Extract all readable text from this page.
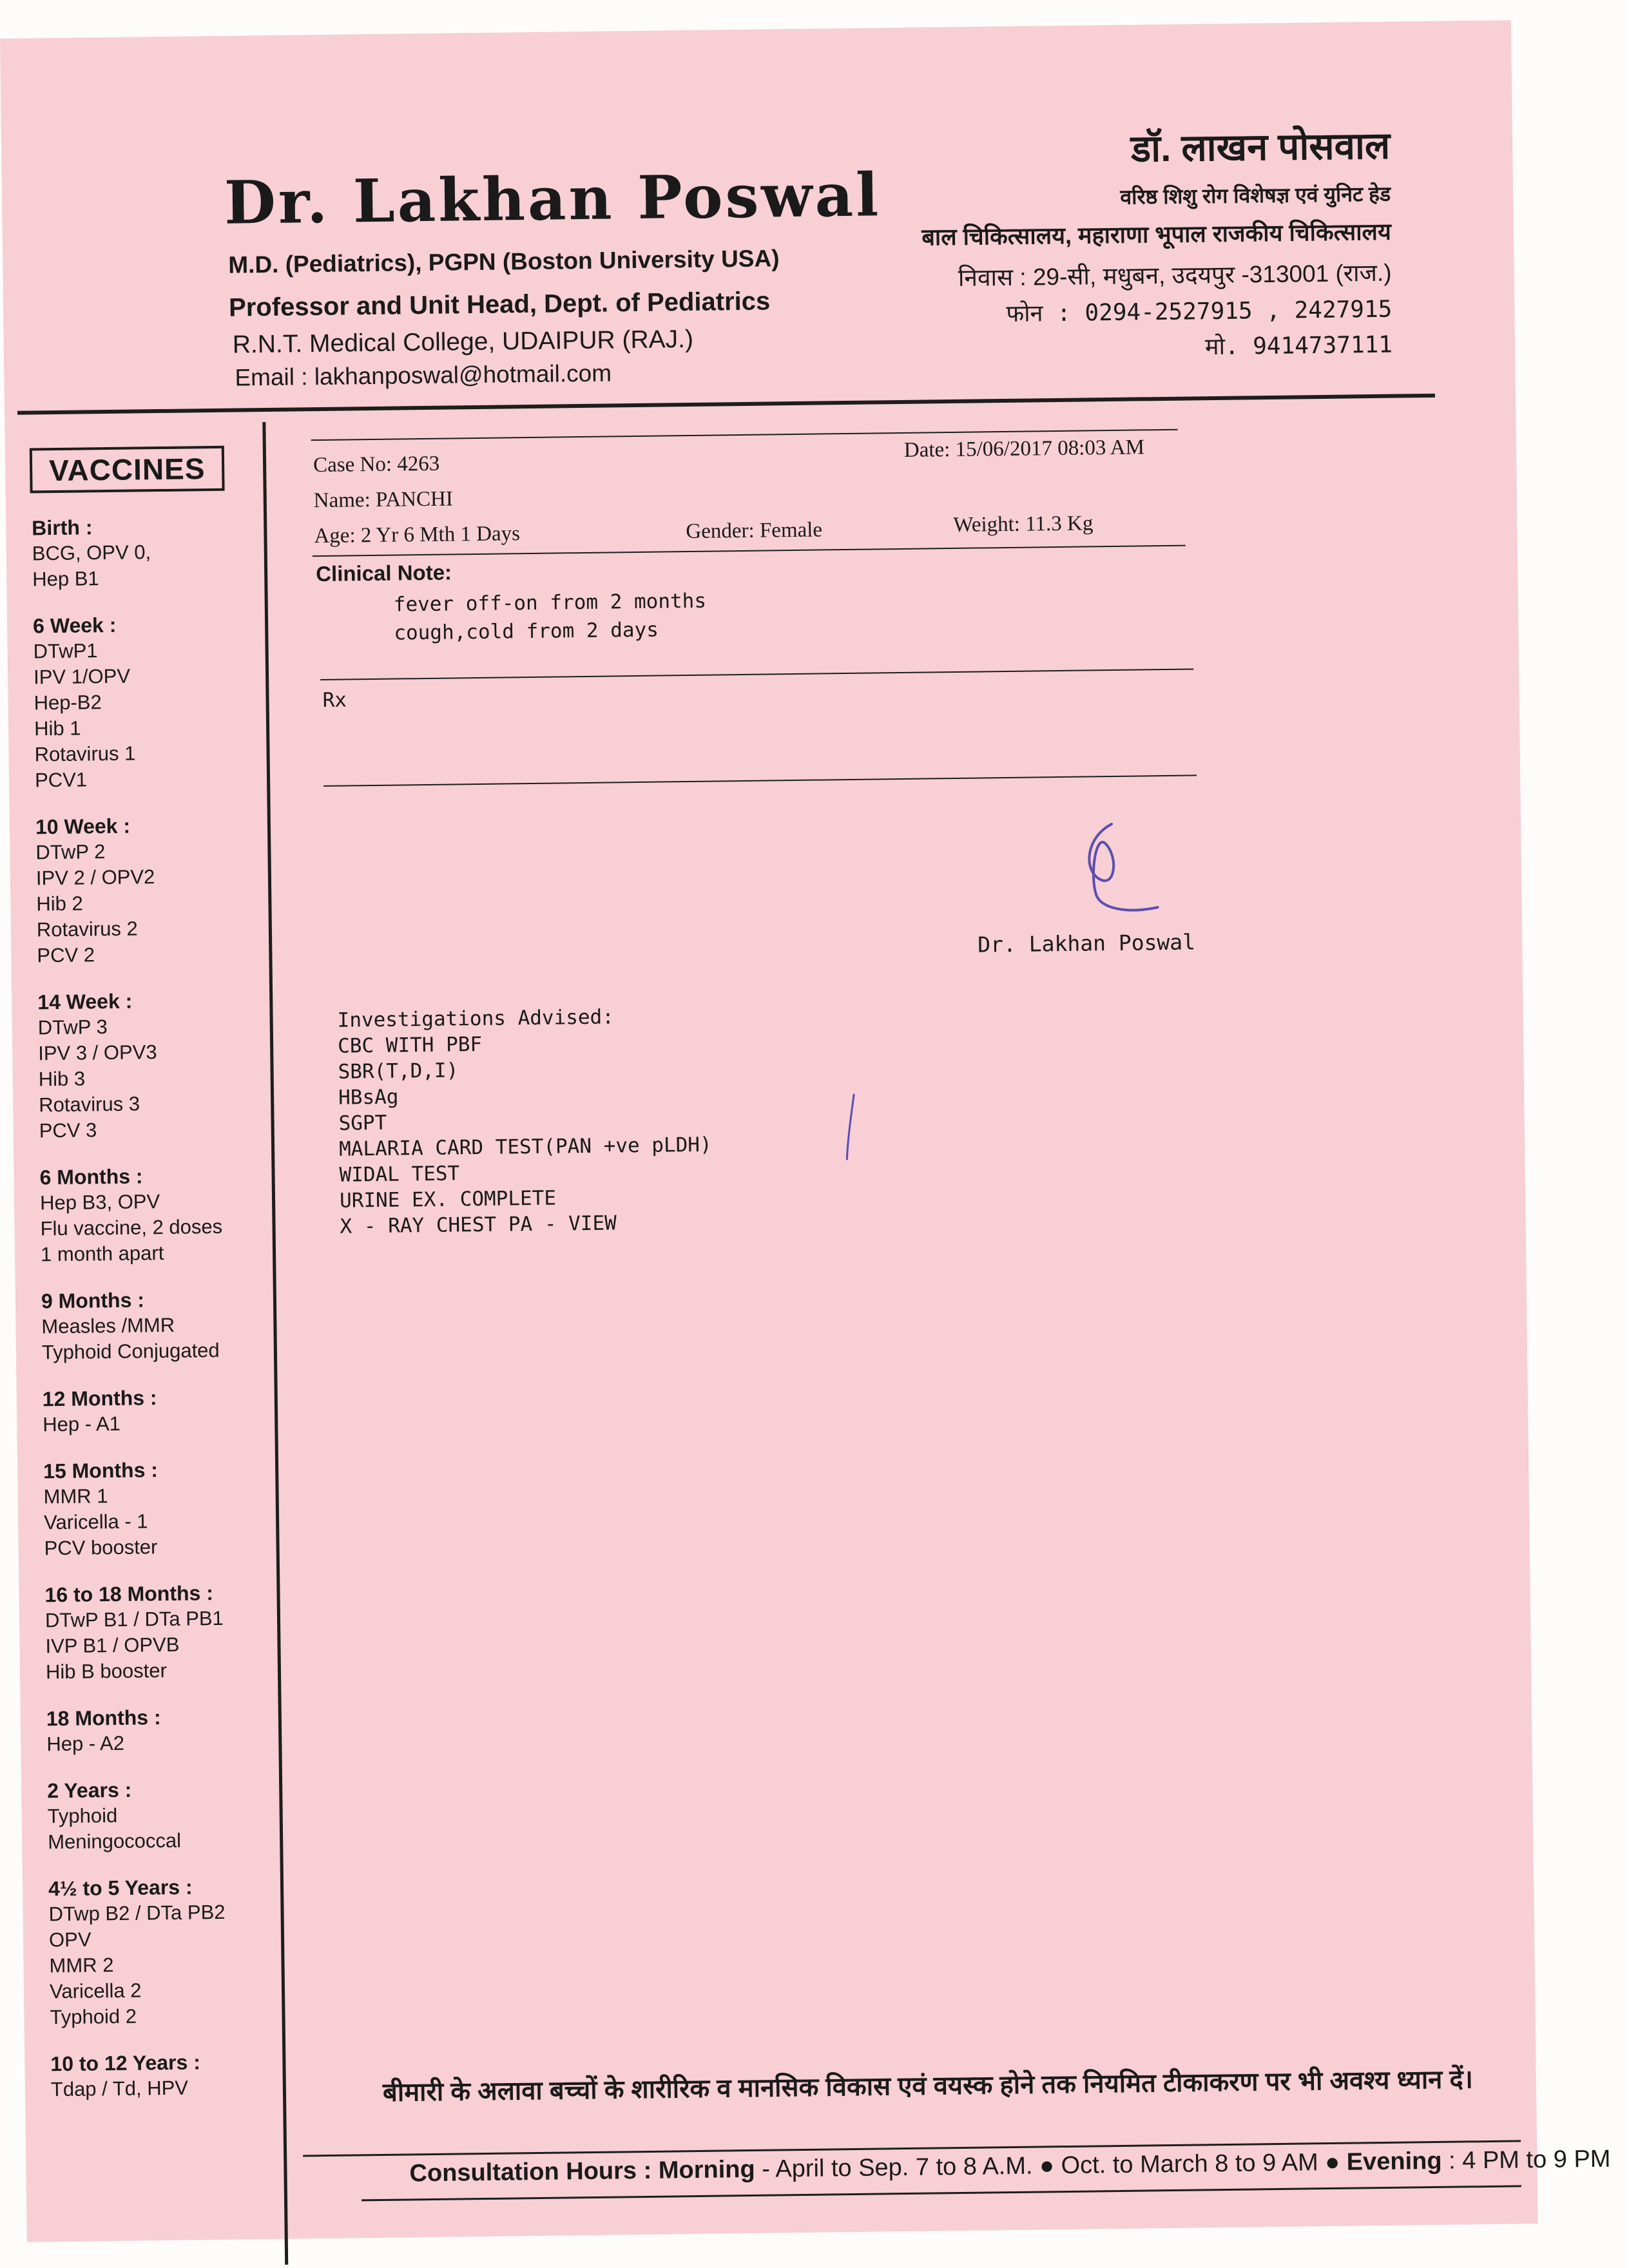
Dr. Lakhan Poswal
M.D. (Pediatrics), PGPN (Boston University USA)
Professor and Unit Head, Dept. of Pediatrics
R.N.T. Medical College, UDAIPUR (RAJ.)
Email : lakhanposwal@hotmail.com
डॉ. लाखन पोसवाल
वरिष्ठ शिशु रोग विशेषज्ञ एवं युनिट हेड
बाल चिकित्सालय, महाराणा भूपाल राजकीय चिकित्सालय
निवास : 29-सी, मधुबन, उदयपुर -313001 (राज.)
फोन : 0294-2527915 , 2427915
मो. 9414737111
VACCINES
Birth :
BCG, OPV 0,
Hep B1
6 Week :
DTwP1
IPV 1/OPV
Hep-B2
Hib 1
Rotavirus 1
PCV1
10 Week :
DTwP 2
IPV 2 / OPV2
Hib 2
Rotavirus 2
PCV 2
14 Week :
DTwP 3
IPV 3 / OPV3
Hib 3
Rotavirus 3
PCV 3
6 Months :
Hep B3, OPV
Flu vaccine, 2 doses
1 month apart
9 Months :
Measles /MMR
Typhoid Conjugated
12 Months :
Hep - A1
15 Months :
MMR 1
Varicella - 1
PCV booster
16 to 18 Months :
DTwP B1 / DTa PB1
IVP B1 / OPVB
Hib B booster
18 Months :
Hep - A2
2 Years :
Typhoid
Meningococcal
4½ to 5 Years :
DTwp B2 / DTa PB2
OPV
MMR 2
Varicella 2
Typhoid 2
10 to 12 Years :
Tdap / Td, HPV
Case No: 4263
Date: 15/06/2017 08:03 AM
Name: PANCHI
Age: 2 Yr 6 Mth 1 Days	Gender: Female	Weight: 11.3 Kg
Clinical Note:
fever off-on from 2 months
cough,cold from 2 days
Rx
Dr. Lakhan Poswal
Investigations Advised:
CBC WITH PBF
SBR(T,D,I)
HBsAg
SGPT
MALARIA CARD TEST(PAN +ve pLDH)
WIDAL TEST
URINE EX. COMPLETE
X - RAY CHEST PA - VIEW
बीमारी के अलावा बच्चों के शारीरिक व मानसिक विकास एवं वयस्क होने तक नियमित टीकाकरण पर भी अवश्य ध्यान दें।
Consultation Hours : Morning - April to Sep. 7 to 8 A.M. ● Oct. to March 8 to 9 AM ● Evening : 4 PM to 9 PM
